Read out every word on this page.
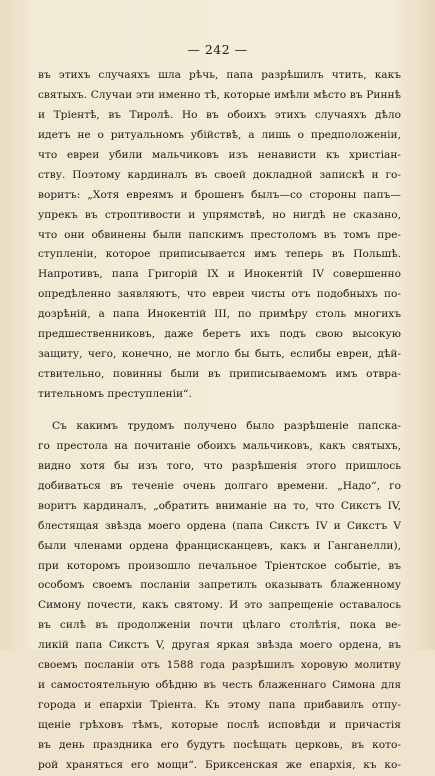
— 242 —
въ этихъ случаяхъ шла рѣчь, папа разрѣшилъ чтить, какъ
святыхъ. Случаи эти именно тѣ, которые имѣли мѣсто въ Риннѣ
и Тріентѣ, въ Тиролѣ. Но въ обоихъ этихъ случаяхъ дѣло
идетъ не о ритуальномъ убійствѣ, а лишь о предположеніи,
что евреи убили мальчиковъ изъ ненависти къ христіан-
ству. Поэтому кардиналъ въ своей докладной запискѣ и го-
воритъ: „Хотя евреямъ и брошенъ былъ—со стороны папъ—
упрекъ въ строптивости и упрямствѣ, но нигдѣ не сказано,
что они обвинены были папскимъ престоломъ въ томъ пре-
ступленіи, которое приписывается имъ теперь въ Польшѣ.
Напротивъ, папа Григорій IX и Инокентій IV совершенно
опредѣленно заявляютъ, что евреи чисты отъ подобныхъ по-
дозрѣній, а папа Инокентій III, по примѣру столь многихъ
предшественниковъ, даже беретъ ихъ подъ свою высокую
защиту, чего, конечно, не могло бы быть, еслибы евреи, дѣй-
ствительно, повинны были въ приписываемомъ имъ отвра-
тительномъ преступленіи“.
Съ какимъ трудомъ получено было разрѣшеніе папска-
го престола на почитаніе обоихъ мальчиковъ, какъ святыхъ,
видно хотя бы изъ того, что разрѣшенія этого пришлось
добиваться въ теченіе очень долгаго времени. „Надо“, го
воритъ кардиналъ, „обратить вниманіе на то, что Сикстъ IV,
блестящая звѣзда моего ордена (папа Сикстъ IV и Сикстъ V
были членами ордена францисканцевъ, какъ и Ганганелли),
при которомъ произошло печальное Тріентское событіе, въ
особомъ своемъ посланіи запретилъ оказывать блаженному
Симону почести, какъ святому. И это запрещеніе оставалось
въ силѣ въ продолженіи почти цѣлаго столѣтія, пока ве-
ликій папа Сикстъ V, другая яркая звѣзда моего ордена, въ
своемъ посланіи отъ 1588 года разрѣшилъ хоровую молитву
и самостоятельную обѣдню въ честь блаженнаго Симона для
города и епархіи Тріента. Къ этому папа прибавилъ отпу-
щеніе грѣховъ тѣмъ, которые послѣ исповѣди и причастія
въ день праздника его будутъ посѣщать церковь, въ кото-
рой храняться его мощи“. Бриксенская же епархія, къ ко-
